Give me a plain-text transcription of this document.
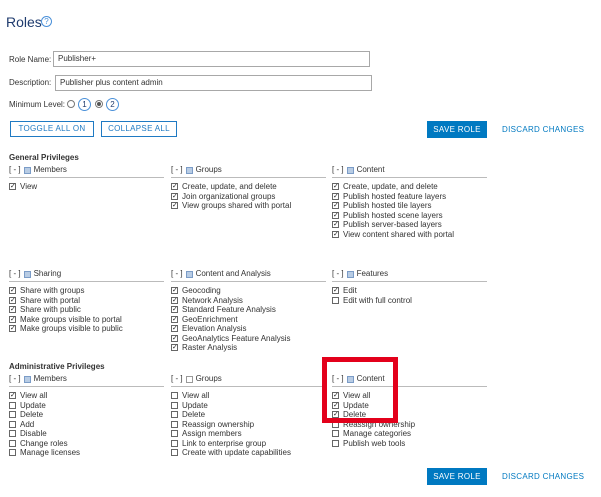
Roles ?
Role Name: Publisher+
Description:	Publisher plus content admin
Minimum Level:	1	2
TOGGLE ALL ON	COLLAPSE ALL	SAVE ROLE	DISCARD CHANGES
General Privileges
[ - ] Members
✓ View
[ - ] Groups
✓ Create, update, and delete
✓ Join organizational groups
✓ View groups shared with portal
[ - ] Content
✓ Create, update, and delete
✓ Publish hosted feature layers
✓ Publish hosted tile layers
✓ Publish hosted scene layers
✓ Publish server-based layers
✓ View content shared with portal
[ - ] Sharing
✓ Share with groups
✓ Share with portal
✓ Share with public
✓ Make groups visible to portal
✓ Make groups visible to public
[ - ] Content and Analysis
✓ Geocoding
✓ Network Analysis
✓ Standard Feature Analysis
✓ GeoEnrichment
✓ Elevation Analysis
✓ GeoAnalytics Feature Analysis
✓ Raster Analysis
[ - ] Features
✓ Edit
Edit with full control
Administrative Privileges
[ - ] Members
✓ View all
Update
Delete
Add
Disable
Change roles
Manage licenses
[ - ] Groups
View all
Update
Delete
Reassign ownership
Assign members
Link to enterprise group
Create with update capabilities
[ - ] Content
✓ View all
✓ Update
✓ Delete
Reassign ownership
Manage categories
Publish web tools
SAVE ROLE	DISCARD CHANGES
